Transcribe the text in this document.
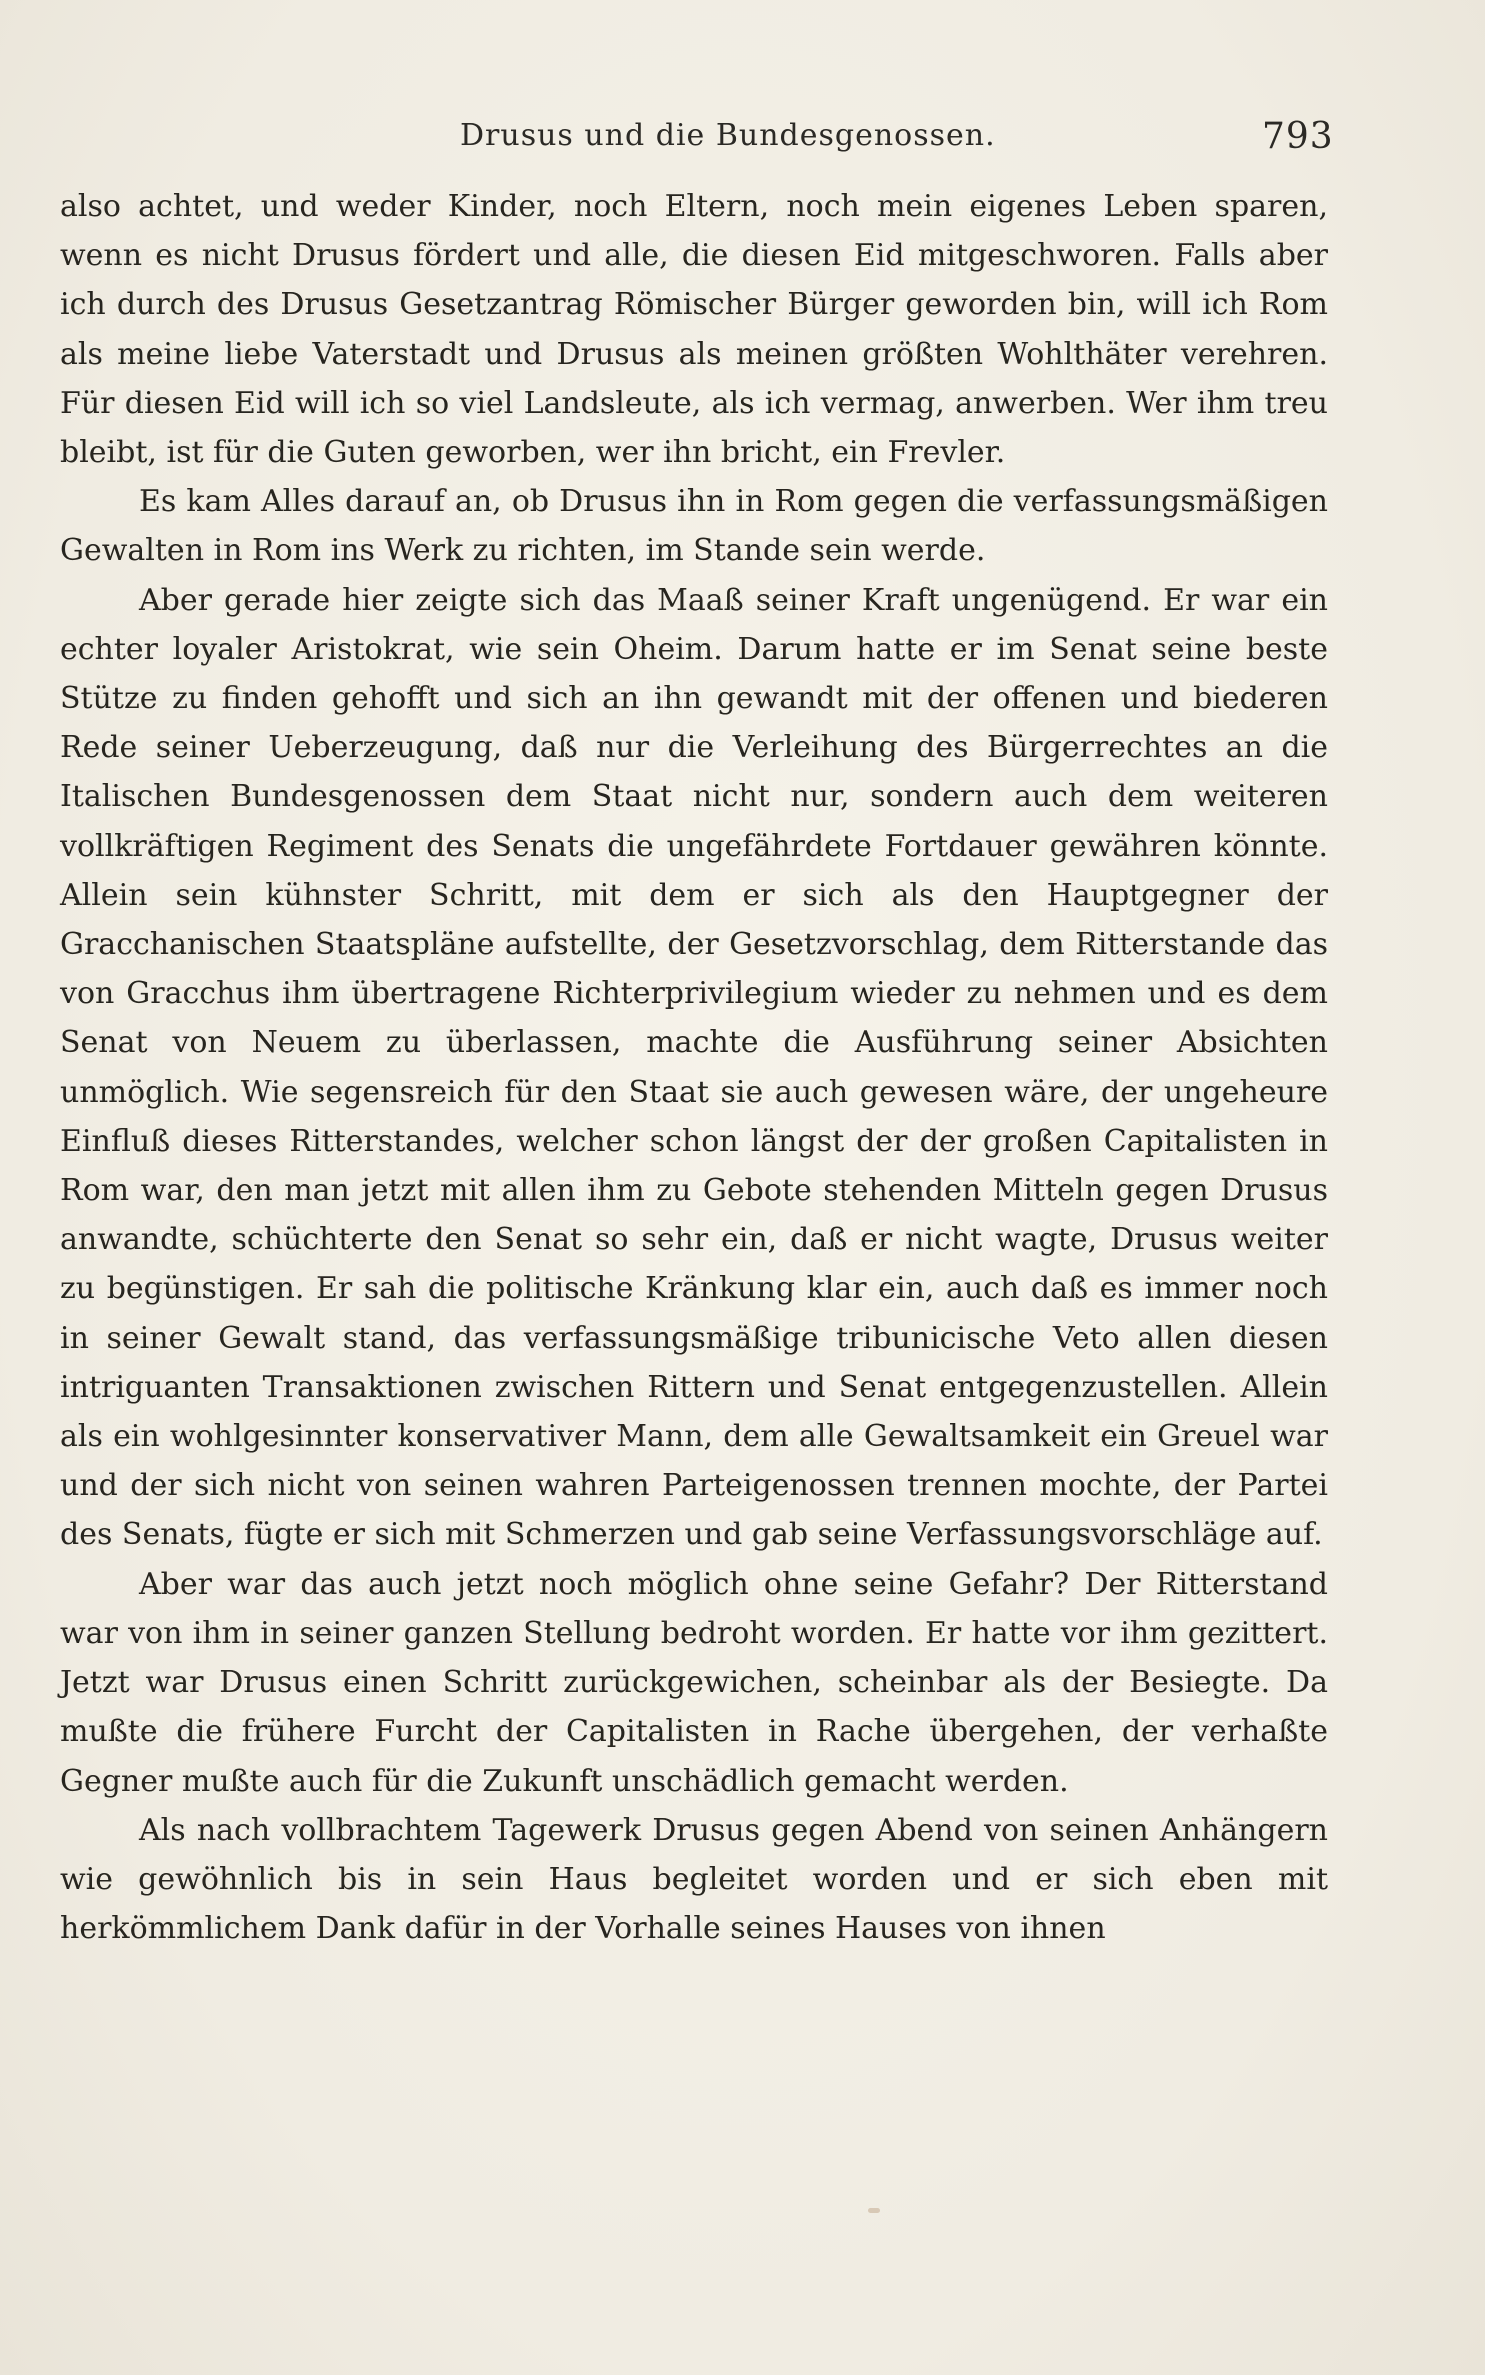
Drusus und die Bundesgenossen.	793

also achtet, und weder Kinder, noch Eltern, noch mein eigenes Leben sparen, wenn es nicht Drusus fördert und alle, die diesen Eid mitgeschworen. Falls aber ich durch des Drusus Gesetzantrag Römischer Bürger geworden bin, will ich Rom als meine liebe Vaterstadt und Drusus als meinen größten Wohlthäter verehren. Für diesen Eid will ich so viel Landsleute, als ich vermag, anwerben. Wer ihm treu bleibt, ist für die Guten geworben, wer ihn bricht, ein Frevler.

Es kam Alles darauf an, ob Drusus ihn in Rom gegen die verfassungsmäßigen Gewalten in Rom ins Werk zu richten, im Stande sein werde.

Aber gerade hier zeigte sich das Maaß seiner Kraft ungenügend. Er war ein echter loyaler Aristokrat, wie sein Oheim. Darum hatte er im Senat seine beste Stütze zu finden gehofft und sich an ihn gewandt mit der offenen und biederen Rede seiner Ueberzeugung, daß nur die Verleihung des Bürgerrechtes an die Italischen Bundesgenossen dem Staat nicht nur, sondern auch dem weiteren vollkräftigen Regiment des Senats die ungefährdete Fortdauer gewähren könnte. Allein sein kühnster Schritt, mit dem er sich als den Hauptgegner der Gracchanischen Staatspläne aufstellte, der Gesetzvorschlag, dem Ritterstande das von Gracchus ihm übertragene Richterprivilegium wieder zu nehmen und es dem Senat von Neuem zu überlassen, machte die Ausführung seiner Absichten unmöglich. Wie segensreich für den Staat sie auch gewesen wäre, der ungeheure Einfluß dieses Ritterstandes, welcher schon längst der der großen Capitalisten in Rom war, den man jetzt mit allen ihm zu Gebote stehenden Mitteln gegen Drusus anwandte, schüchterte den Senat so sehr ein, daß er nicht wagte, Drusus weiter zu begünstigen. Er sah die politische Kränkung klar ein, auch daß es immer noch in seiner Gewalt stand, das verfassungsmäßige tribunicische Veto allen diesen intriguanten Transaktionen zwischen Rittern und Senat entgegenzustellen. Allein als ein wohlgesinnter konservativer Mann, dem alle Gewaltsamkeit ein Greuel war und der sich nicht von seinen wahren Parteigenossen trennen mochte, der Partei des Senats, fügte er sich mit Schmerzen und gab seine Verfassungsvorschläge auf.

Aber war das auch jetzt noch möglich ohne seine Gefahr? Der Ritterstand war von ihm in seiner ganzen Stellung bedroht worden. Er hatte vor ihm gezittert. Jetzt war Drusus einen Schritt zurückgewichen, scheinbar als der Besiegte. Da mußte die frühere Furcht der Capitalisten in Rache übergehen, der verhaßte Gegner mußte auch für die Zukunft unschädlich gemacht werden.

Als nach vollbrachtem Tagewerk Drusus gegen Abend von seinen Anhängern wie gewöhnlich bis in sein Haus begleitet worden und er sich eben mit herkömmlichem Dank dafür in der Vorhalle seines Hauses von ihnen
